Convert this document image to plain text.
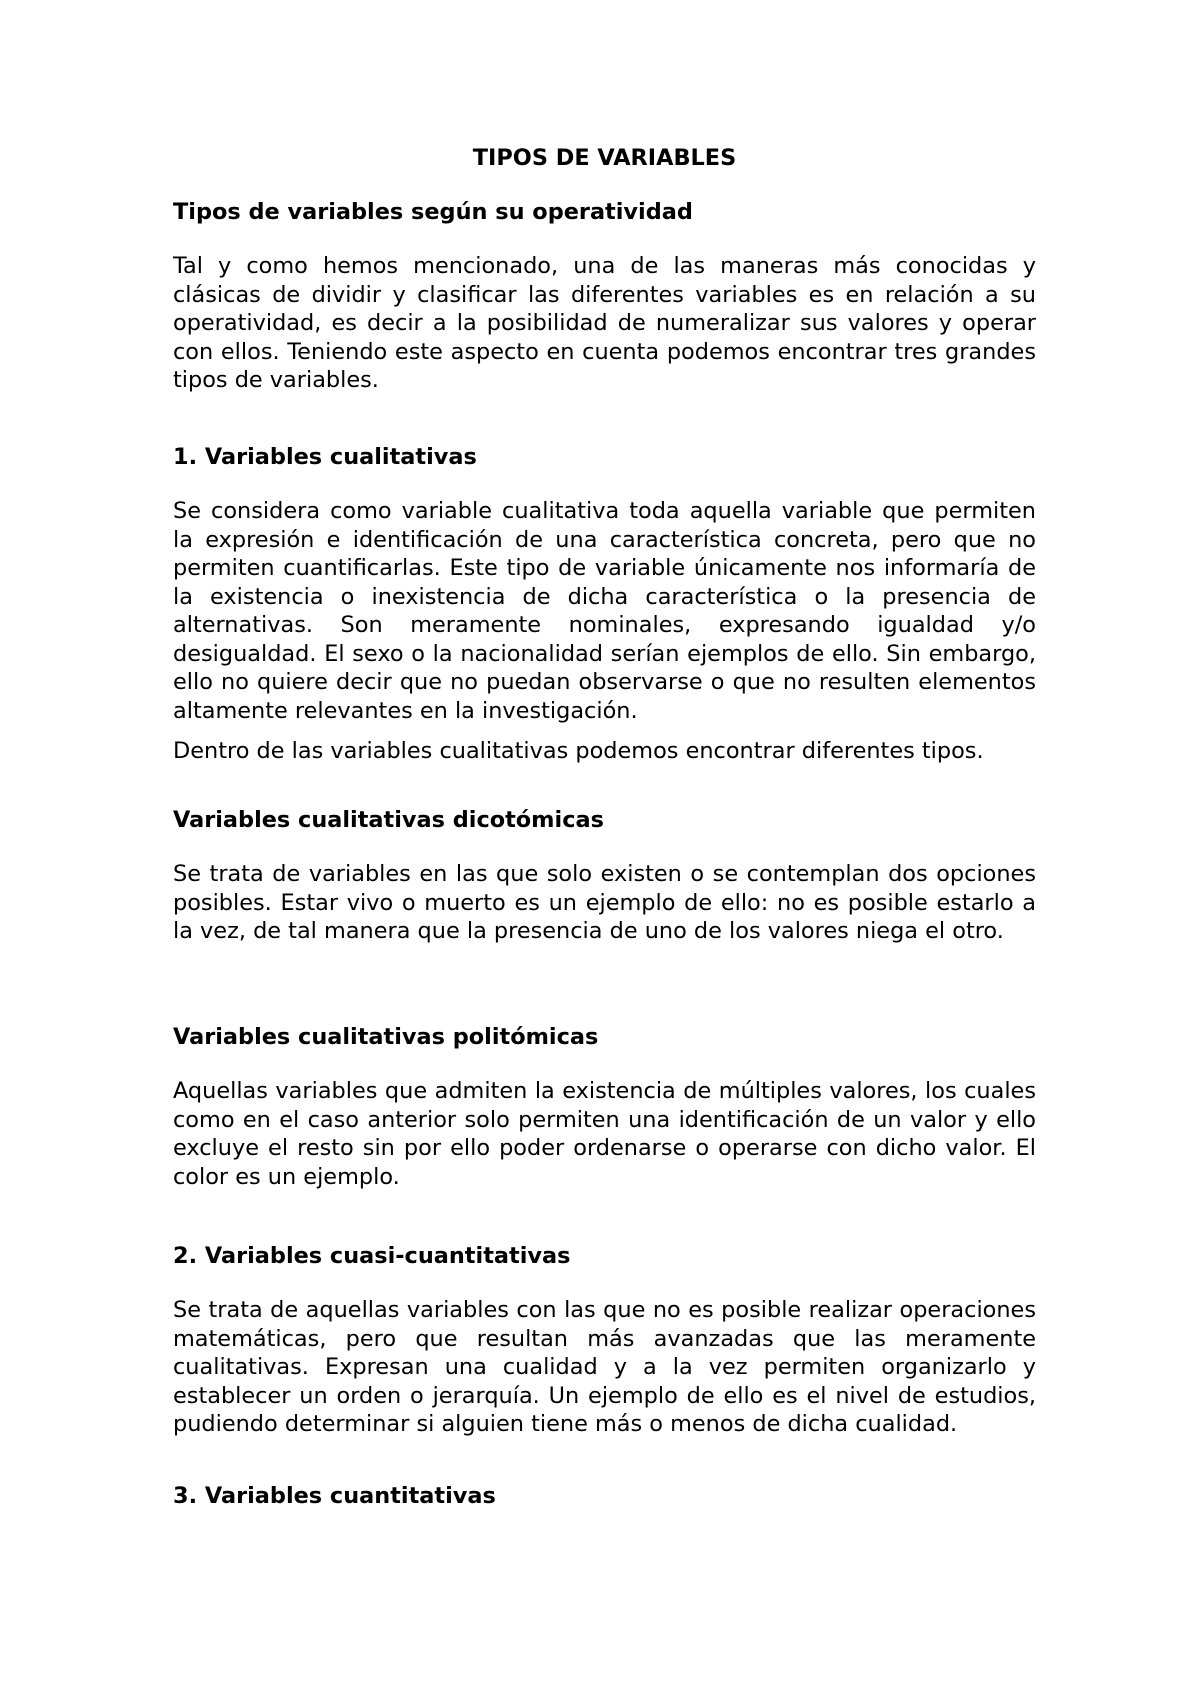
TIPOS DE VARIABLES
Tipos de variables según su operatividad

Tal y como hemos mencionado, una de las maneras más conocidas y clásicas de dividir y clasificar las diferentes variables es en relación a su operatividad, es decir a la posibilidad de numeralizar sus valores y operar con ellos. Teniendo este aspecto en cuenta podemos encontrar tres grandes tipos de variables.

1. Variables cualitativas

Se considera como variable cualitativa toda aquella variable que permiten la expresión e identificación de una característica concreta, pero que no permiten cuantificarlas. Este tipo de variable únicamente nos informaría de la existencia o inexistencia de dicha característica o la presencia de alternativas. Son meramente nominales, expresando igualdad y/o desigualdad. El sexo o la nacionalidad serían ejemplos de ello. Sin embargo, ello no quiere decir que no puedan observarse o que no resulten elementos altamente relevantes en la investigación.

Dentro de las variables cualitativas podemos encontrar diferentes tipos.

Variables cualitativas dicotómicas

Se trata de variables en las que solo existen o se contemplan dos opciones posibles. Estar vivo o muerto es un ejemplo de ello: no es posible estarlo a la vez, de tal manera que la presencia de uno de los valores niega el otro.

Variables cualitativas politómicas

Aquellas variables que admiten la existencia de múltiples valores, los cuales como en el caso anterior solo permiten una identificación de un valor y ello excluye el resto sin por ello poder ordenarse o operarse con dicho valor. El color es un ejemplo.

2. Variables cuasi-cuantitativas

Se trata de aquellas variables con las que no es posible realizar operaciones matemáticas, pero que resultan más avanzadas que las meramente cualitativas. Expresan una cualidad y a la vez permiten organizarlo y establecer un orden o jerarquía. Un ejemplo de ello es el nivel de estudios, pudiendo determinar si alguien tiene más o menos de dicha cualidad.

3. Variables cuantitativas
